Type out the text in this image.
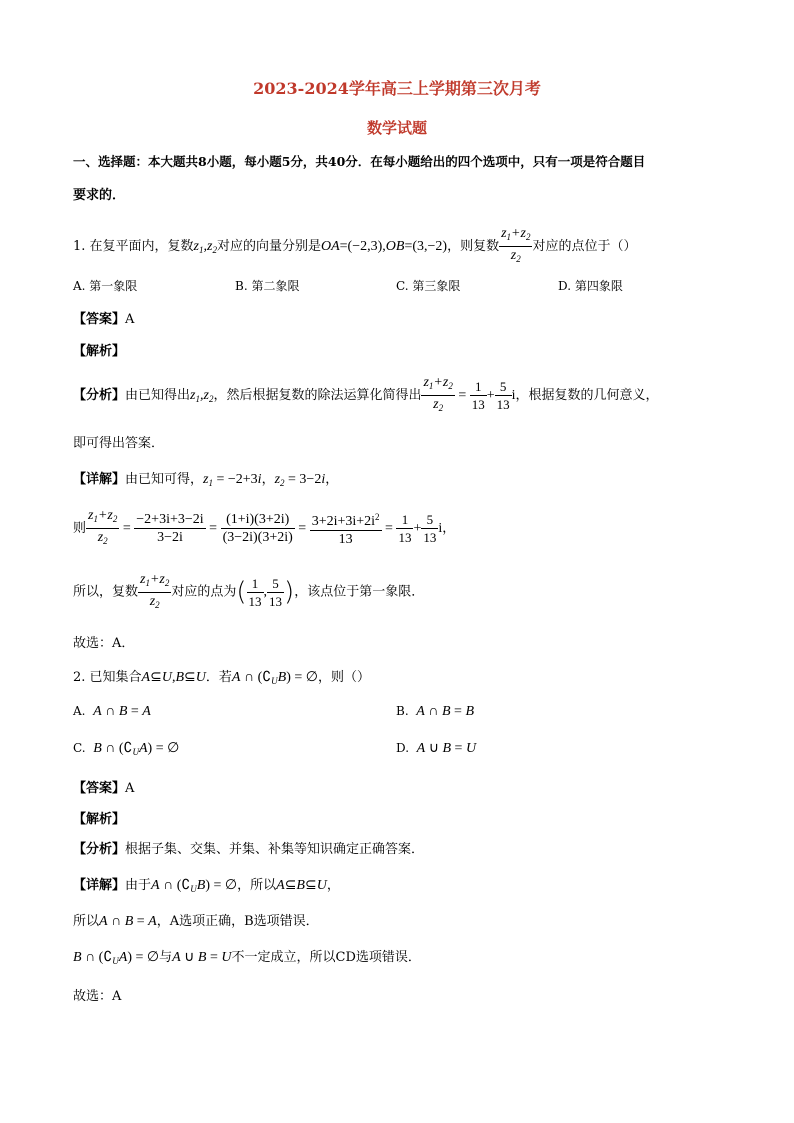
2023-2024学年高三上学期第三次月考
数学试题
一、选择题：本大题共8小题，每小题5分，共40分．在每小题给出的四个选项中，只有一项是符合题目
要求的．
1. 在复平面内，复数$z_1,z_2$对应的向量分别是OA=(−2,3),OB=(3,−2)，则复数 $\frac{z_1+z_2}{z_2}$ 对应的点位于（）
A. 第一象限	B. 第二象限	C. 第三象限	D. 第四象限
【答案】A
【解析】
【分析】由已知得出$z_1,z_2$，然后根据复数的除法运算化简得出 $\frac{z_1+z_2}{z_2} = \frac{1}{13} + \frac{5}{13}$ i，根据复数的几何意义，
即可得出答案．
【详解】由已知可得，$z_1 = -2+3i$，$z_2 = 3-2i$，
则 $\frac{z_1+z_2}{z_2} = \frac{-2+3i+3-2i}{3-2i} = \frac{(1+i)(3+2i)}{(3-2i)(3+2i)} = \frac{3+2i+3i+2i^2}{13} = \frac{1}{13} + \frac{5}{13}$ i，
所以，复数 $\frac{z_1+z_2}{z_2}$ 对应的点为( $\frac{1}{13}$ , $\frac{5}{13}$ )，该点位于第一象限．
故选：A．
2. 已知集合A⊆U,B⊆U．若A ∩ $(∁_UB)$ = ∅，则（）
A. A ∩ B = A	B. A ∩ B = B
C. B ∩ $(∁_UA)$ = ∅	D. A ∪ B = U
【答案】A
【解析】
【分析】根据子集、交集、并集、补集等知识确定正确答案．
【详解】由于A ∩ $(∁_UB)$ = ∅，所以A⊆B⊆U，
所以A ∩ B = A，A选项正确，B选项错误．
B ∩ $(∁_UA)$ = ∅与A ∪ B = U不一定成立，所以CD选项错误．
故选：A
